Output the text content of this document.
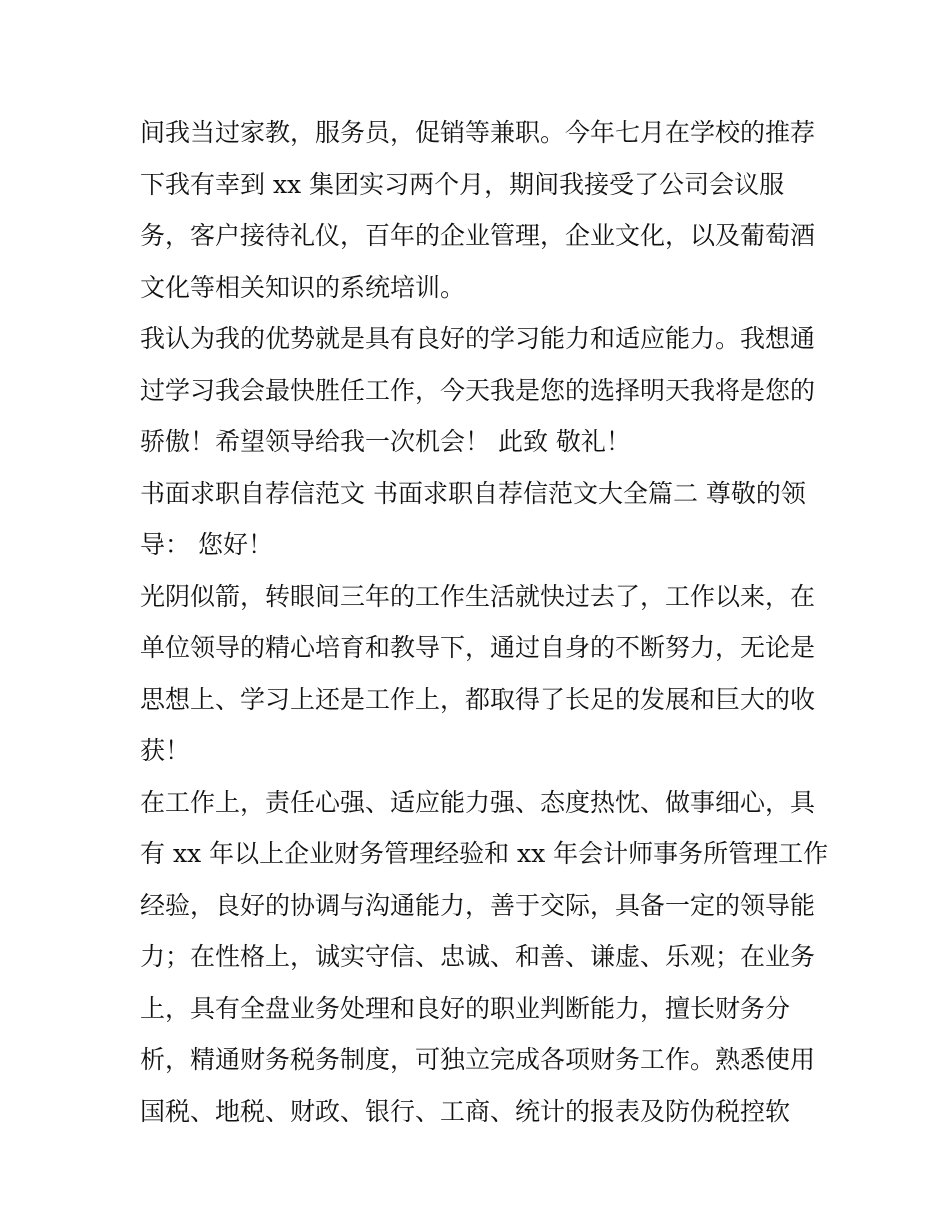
间我当过家教，服务员，促销等兼职。今年七月在学校的推荐
下我有幸到 xx 集团实习两个月，期间我接受了公司会议服
务，客户接待礼仪，百年的企业管理，企业文化，以及葡萄酒
文化等相关知识的系统培训。
我认为我的优势就是具有良好的学习能力和适应能力。我想通
过学习我会最快胜任工作，今天我是您的选择明天我将是您的
骄傲！希望领导给我一次机会！ 此致 敬礼！
书面求职自荐信范文 书面求职自荐信范文大全篇二 尊敬的领
导： 您好！
光阴似箭，转眼间三年的工作生活就快过去了，工作以来，在
单位领导的精心培育和教导下，通过自身的不断努力，无论是
思想上、学习上还是工作上，都取得了长足的发展和巨大的收
获！
在工作上，责任心强、适应能力强、态度热忱、做事细心，具
有 xx 年以上企业财务管理经验和 xx 年会计师事务所管理工作
经验，良好的协调与沟通能力，善于交际，具备一定的领导能
力；在性格上，诚实守信、忠诚、和善、谦虚、乐观；在业务
上，具有全盘业务处理和良好的职业判断能力，擅长财务分
析，精通财务税务制度，可独立完成各项财务工作。熟悉使用
国税、地税、财政、银行、工商、统计的报表及防伪税控软
